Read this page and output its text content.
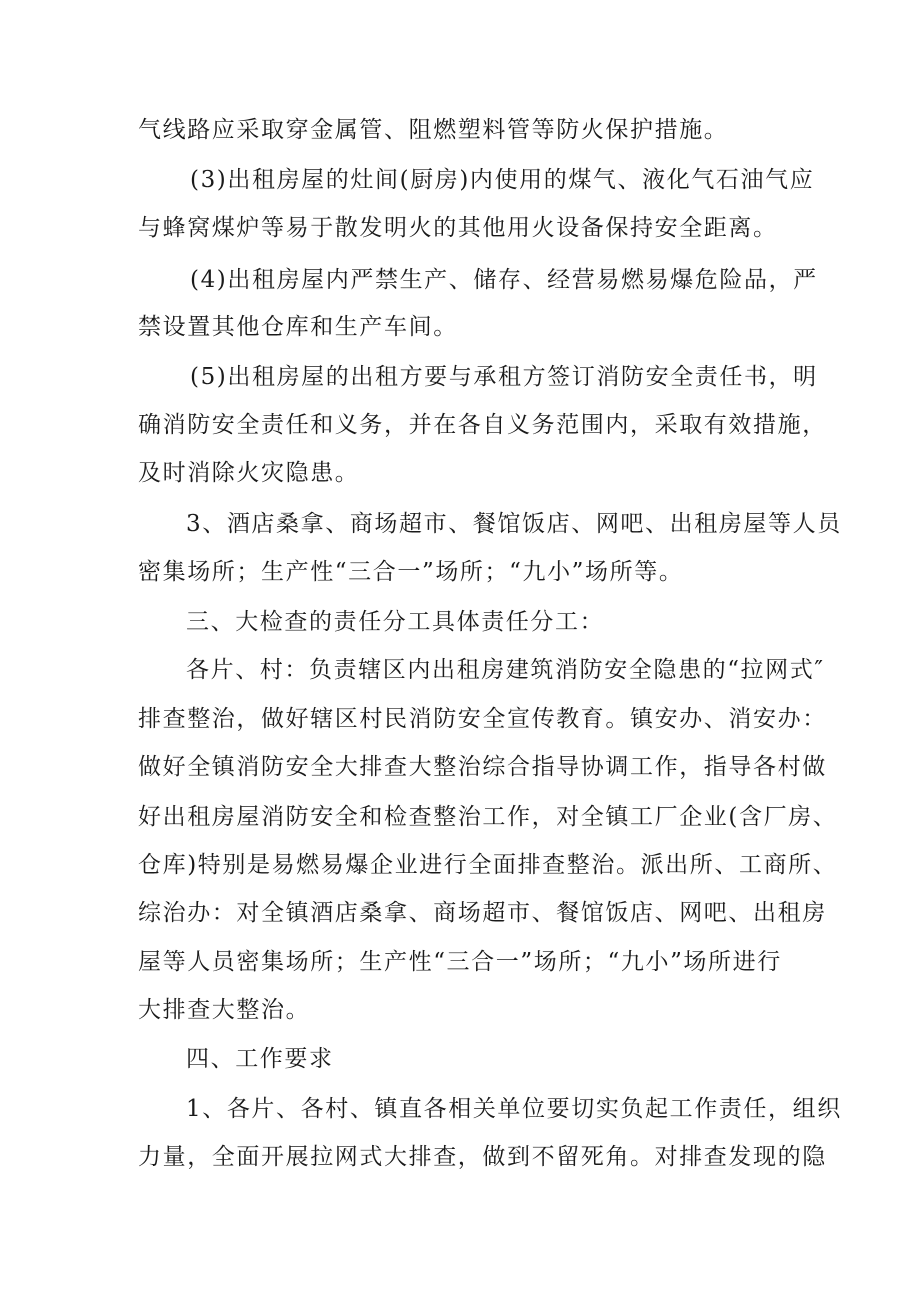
气线路应采取穿金属管、阻燃塑料管等防火保护措施。
(3)出租房屋的灶间(厨房)内使用的煤气、液化气石油气应
与蜂窝煤炉等易于散发明火的其他用火设备保持安全距离。
(4)出租房屋内严禁生产、储存、经营易燃易爆危险品，严
禁设置其他仓库和生产车间。
(5)出租房屋的出租方要与承租方签订消防安全责任书，明
确消防安全责任和义务，并在各自义务范围内，采取有效措施，
及时消除火灾隐患。
3、酒店桑拿、商场超市、餐馆饭店、网吧、出租房屋等人员
密集场所；生产性“三合一”场所；“九小”场所等。
三、大检查的责任分工具体责任分工：
各片、村：负责辖区内出租房建筑消防安全隐患的“拉网式″
排查整治，做好辖区村民消防安全宣传教育。镇安办、消安办：
做好全镇消防安全大排查大整治综合指导协调工作，指导各村做
好出租房屋消防安全和检查整治工作，对全镇工厂企业(含厂房、
仓库)特别是易燃易爆企业进行全面排查整治。派出所、工商所、
综治办：对全镇酒店桑拿、商场超市、餐馆饭店、网吧、出租房
屋等人员密集场所；生产性“三合一”场所；“九小”场所进行
大排查大整治。
四、工作要求
1、各片、各村、镇直各相关单位要切实负起工作责任，组织
力量，全面开展拉网式大排查，做到不留死角。对排查发现的隐
